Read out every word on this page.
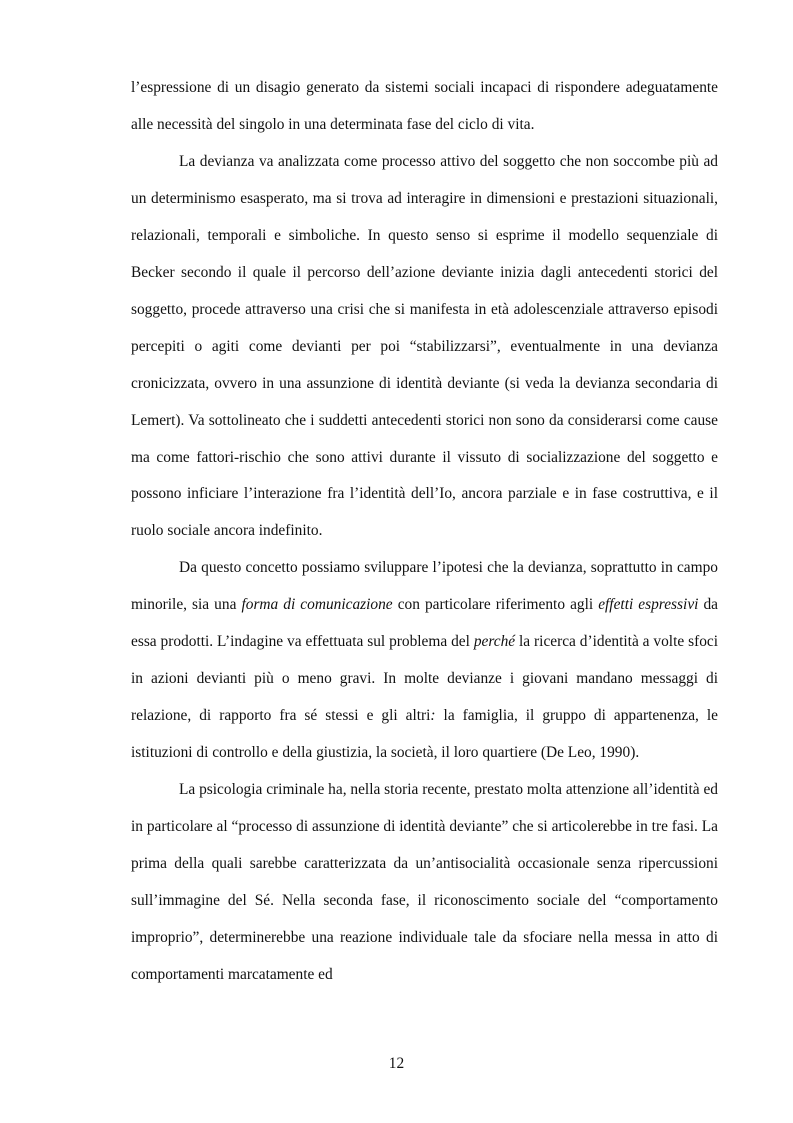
l’espressione di un disagio generato da sistemi sociali incapaci di rispondere adeguatamente alle necessità del singolo in una determinata fase del ciclo di vita.

La devianza va analizzata come processo attivo del soggetto che non soccombe più ad un determinismo esasperato, ma si trova ad interagire in dimensioni e prestazioni situazionali, relazionali, temporali e simboliche. In questo senso si esprime il modello sequenziale di Becker secondo il quale il percorso dell’azione deviante inizia dagli antecedenti storici del soggetto, procede attraverso una crisi che si manifesta in età adolescenziale attraverso episodi percepiti o agiti come devianti per poi “stabilizzarsi”, eventualmente in una devianza cronicizzata, ovvero in una assunzione di identità deviante (si veda la devianza secondaria di Lemert). Va sottolineato che i suddetti antecedenti storici non sono da considerarsi come cause ma come fattori-rischio che sono attivi durante il vissuto di socializzazione del soggetto e possono inficiare l’interazione fra l’identità dell’Io, ancora parziale e in fase costruttiva, e il ruolo sociale ancora indefinito.

Da questo concetto possiamo sviluppare l’ipotesi che la devianza, soprattutto in campo minorile, sia una forma di comunicazione con particolare riferimento agli effetti espressivi da essa prodotti. L’indagine va effettuata sul problema del perché la ricerca d’identità a volte sfoci in azioni devianti più o meno gravi. In molte devianze i giovani mandano messaggi di relazione, di rapporto fra sé stessi e gli altri: la famiglia, il gruppo di appartenenza, le istituzioni di controllo e della giustizia, la società, il loro quartiere (De Leo, 1990).

La psicologia criminale ha, nella storia recente, prestato molta attenzione all’identità ed in particolare al “processo di assunzione di identità deviante” che si articolerebbe in tre fasi. La prima della quali sarebbe caratterizzata da un’antisocialità occasionale senza ripercussioni sull’immagine del Sé. Nella seconda fase, il riconoscimento sociale del “comportamento improprio”, determinerebbe una reazione individuale tale da sfociare nella messa in atto di comportamenti marcatamente ed

12
